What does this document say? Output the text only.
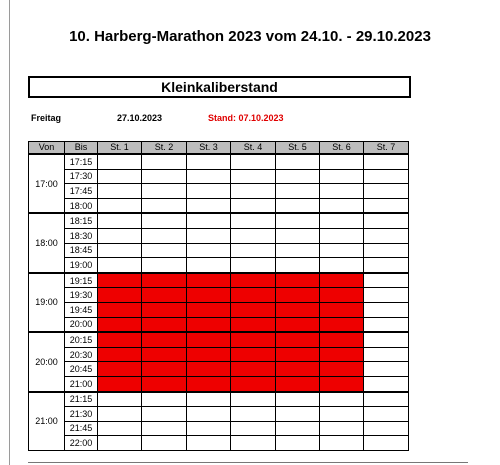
10. Harberg-Marathon 2023 vom 24.10. - 29.10.2023
Kleinkaliberstand
Freitag	27.10.2023	Stand: 07.10.2023
Von	Bis	St. 1	St. 2	St. 3	St. 4	St. 5	St. 6	St. 7
17:00	17:15							
	17:30							
	17:45							
	18:00							
18:00	18:15							
	18:30							
	18:45							
	19:00							
19:00	19:15							
	19:30							
	19:45							
	20:00							
20:00	20:15							
	20:30							
	20:45							
	21:00							
21:00	21:15							
	21:30							
	21:45							
	22:00							
